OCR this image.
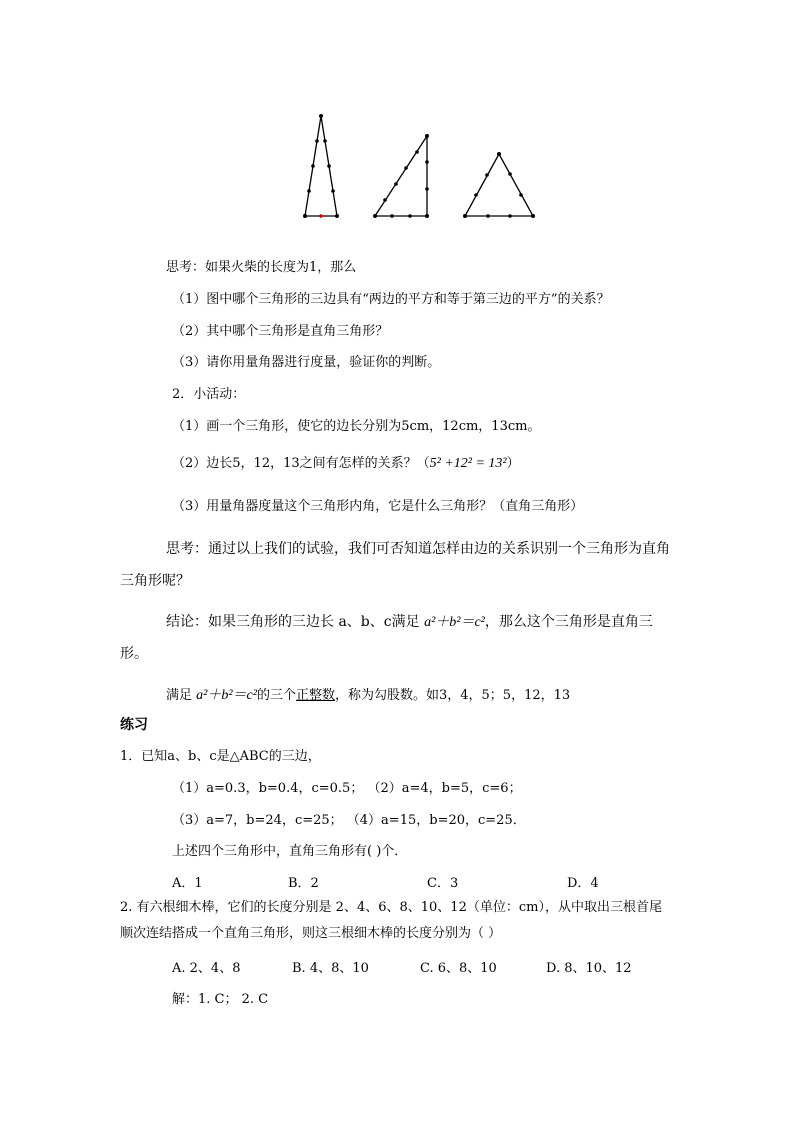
思考：如果火柴的长度为1，那么
（1）图中哪个三角形的三边具有“两边的平方和等于第三边的平方”的关系？
（2）其中哪个三角形是直角三角形？
（3）请你用量角器进行度量，验证你的判断。
2．小活动：
（1）画一个三角形，使它的边长分别为5cm，12cm，13cm。
（2）边长5，12，13之间有怎样的关系？（5² +12² = 13²）
（3）用量角器度量这个三角形内角，它是什么三角形？（直角三角形）
思考：通过以上我们的试验，我们可否知道怎样由边的关系识别一个三角形为直角
三角形呢？
结论：如果三角形的三边长 a、b、c满足 a²＋b²＝c²，那么这个三角形是直角三
形。
满足 a²＋b²＝c²的三个正整数，称为勾股数。如3，4，5；5，12，13
练习
1．已知a、b、c是△ABC的三边，
（1）a=0.3，b=0.4，c=0.5； （2）a=4，b=5，c=6；
（3）a=7，b=24，c=25； （4）a=15，b=20，c=25．
上述四个三角形中，直角三角形有( )个．
A．1	B．2	C．3	D．4
2. 有六根细木棒，它们的长度分别是 2、4、6、8、10、12（单位：cm），从中取出三根首尾
顺次连结搭成一个直角三角形，则这三根细木棒的长度分别为（ ）
A. 2、4、8	B. 4、8、10	C. 6、8、10	D. 8、10、12
解：1. C； 2. C
